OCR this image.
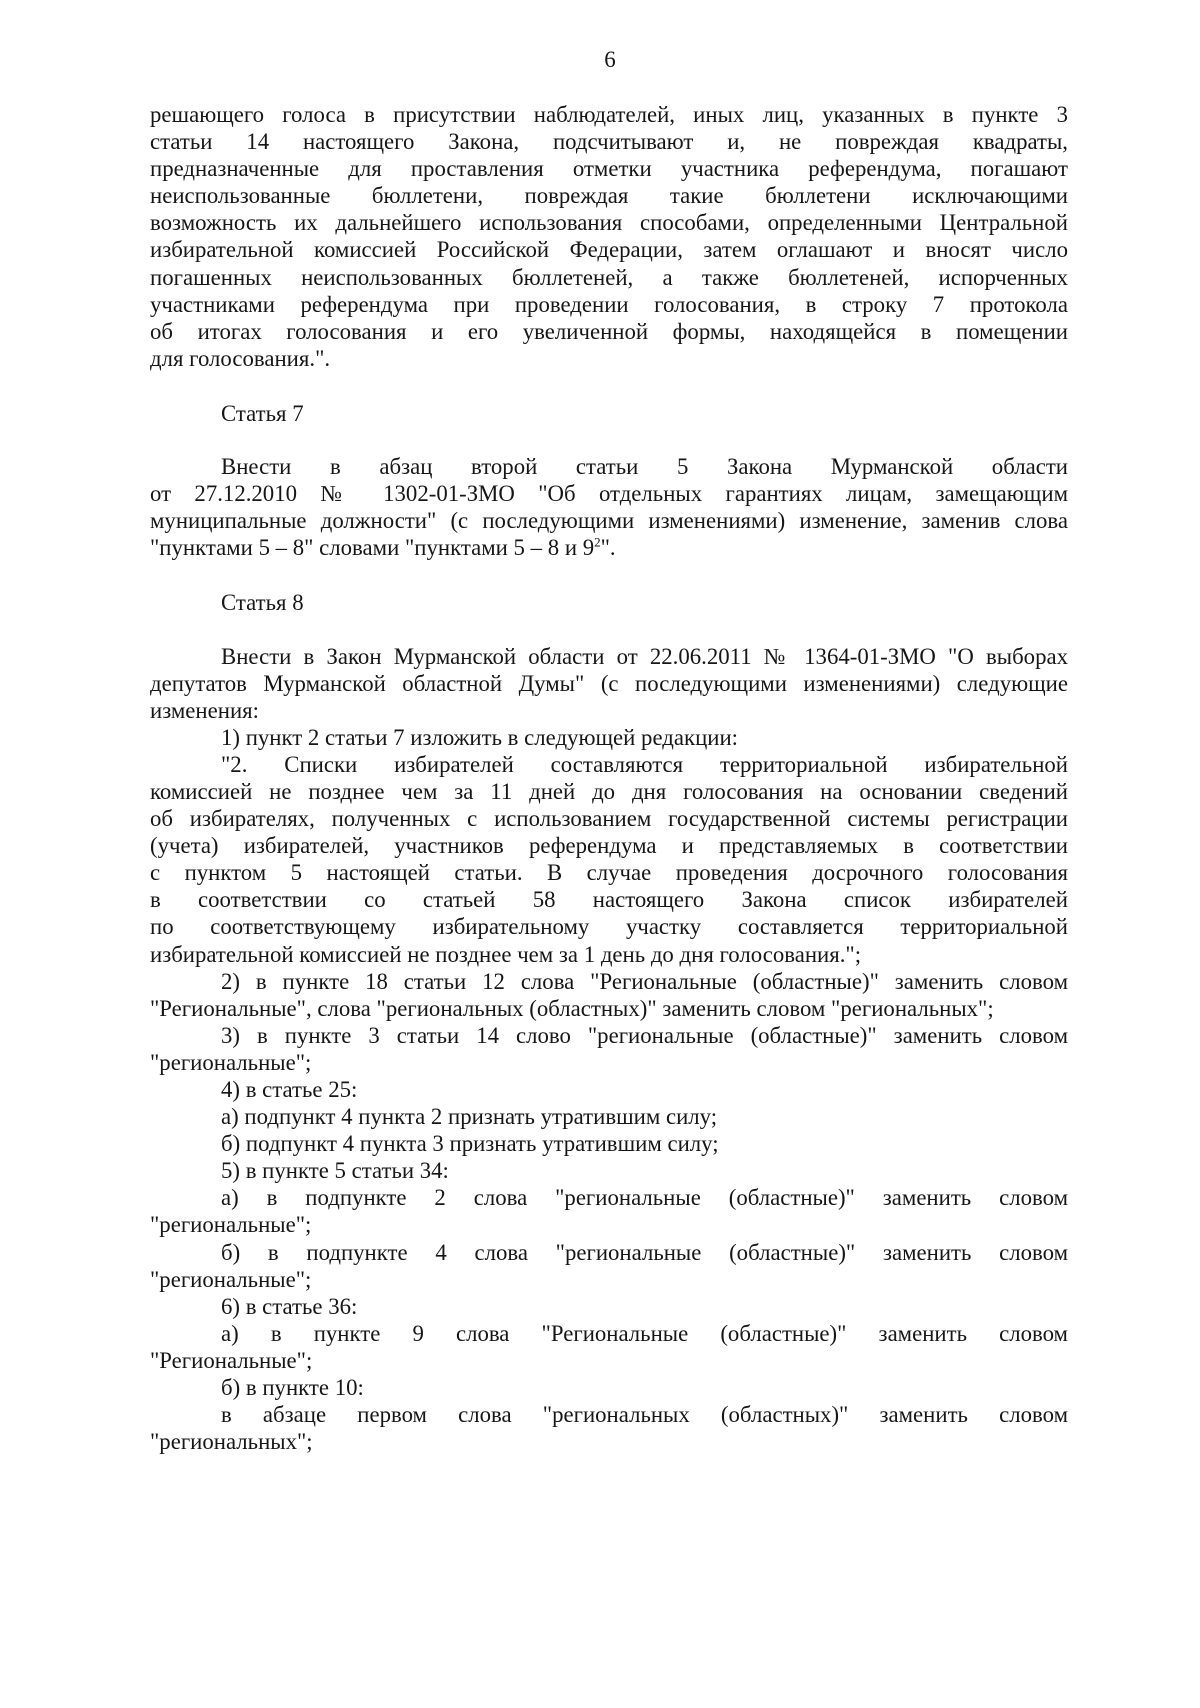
6

решающего голоса в присутствии наблюдателей, иных лиц, указанных в пункте 3
статьи 14 настоящего Закона, подсчитывают и, не повреждая квадраты,
предназначенные для проставления отметки участника референдума, погашают
неиспользованные бюллетени, повреждая такие бюллетени исключающими
возможность их дальнейшего использования способами, определенными Центральной
избирательной комиссией Российской Федерации, затем оглашают и вносят число
погашенных неиспользованных бюллетеней, а также бюллетеней, испорченных
участниками референдума при проведении голосования, в строку 7 протокола
об итогах голосования и его увеличенной формы, находящейся в помещении
для голосования.".

Статья 7

Внести в абзац второй статьи 5 Закона Мурманской области
от 27.12.2010 № 1302-01-ЗМО "Об отдельных гарантиях лицам, замещающим
муниципальные должности" (с последующими изменениями) изменение, заменив слова
"пунктами 5 – 8" словами "пунктами 5 – 8 и $9^2$".

Статья 8

Внести в Закон Мурманской области от 22.06.2011 № 1364-01-ЗМО "О выборах
депутатов Мурманской областной Думы" (с последующими изменениями) следующие
изменения:

1) пункт 2 статьи 7 изложить в следующей редакции:

"2. Списки избирателей составляются территориальной избирательной
комиссией не позднее чем за 11 дней до дня голосования на основании сведений
об избирателях, полученных с использованием государственной системы регистрации
(учета) избирателей, участников референдума и представляемых в соответствии
с пунктом 5 настоящей статьи. В случае проведения досрочного голосования
в соответствии со статьей 58 настоящего Закона список избирателей
по соответствующему избирательному участку составляется территориальной
избирательной комиссией не позднее чем за 1 день до дня голосования.";

2) в пункте 18 статьи 12 слова "Региональные (областные)" заменить словом
"Региональные", слова "региональных (областных)" заменить словом "региональных";

3) в пункте 3 статьи 14 слово "региональные (областные)" заменить словом
"региональные";

4) в статье 25:

а) подпункт 4 пункта 2 признать утратившим силу;

б) подпункт 4 пункта 3 признать утратившим силу;

5) в пункте 5 статьи 34:

а) в подпункте 2 слова "региональные (областные)" заменить словом
"региональные";

б) в подпункте 4 слова "региональные (областные)" заменить словом
"региональные";

6) в статье 36:

а) в пункте 9 слова "Региональные (областные)" заменить словом
"Региональные";

б) в пункте 10:

в абзаце первом слова "региональных (областных)" заменить словом
"региональных";
